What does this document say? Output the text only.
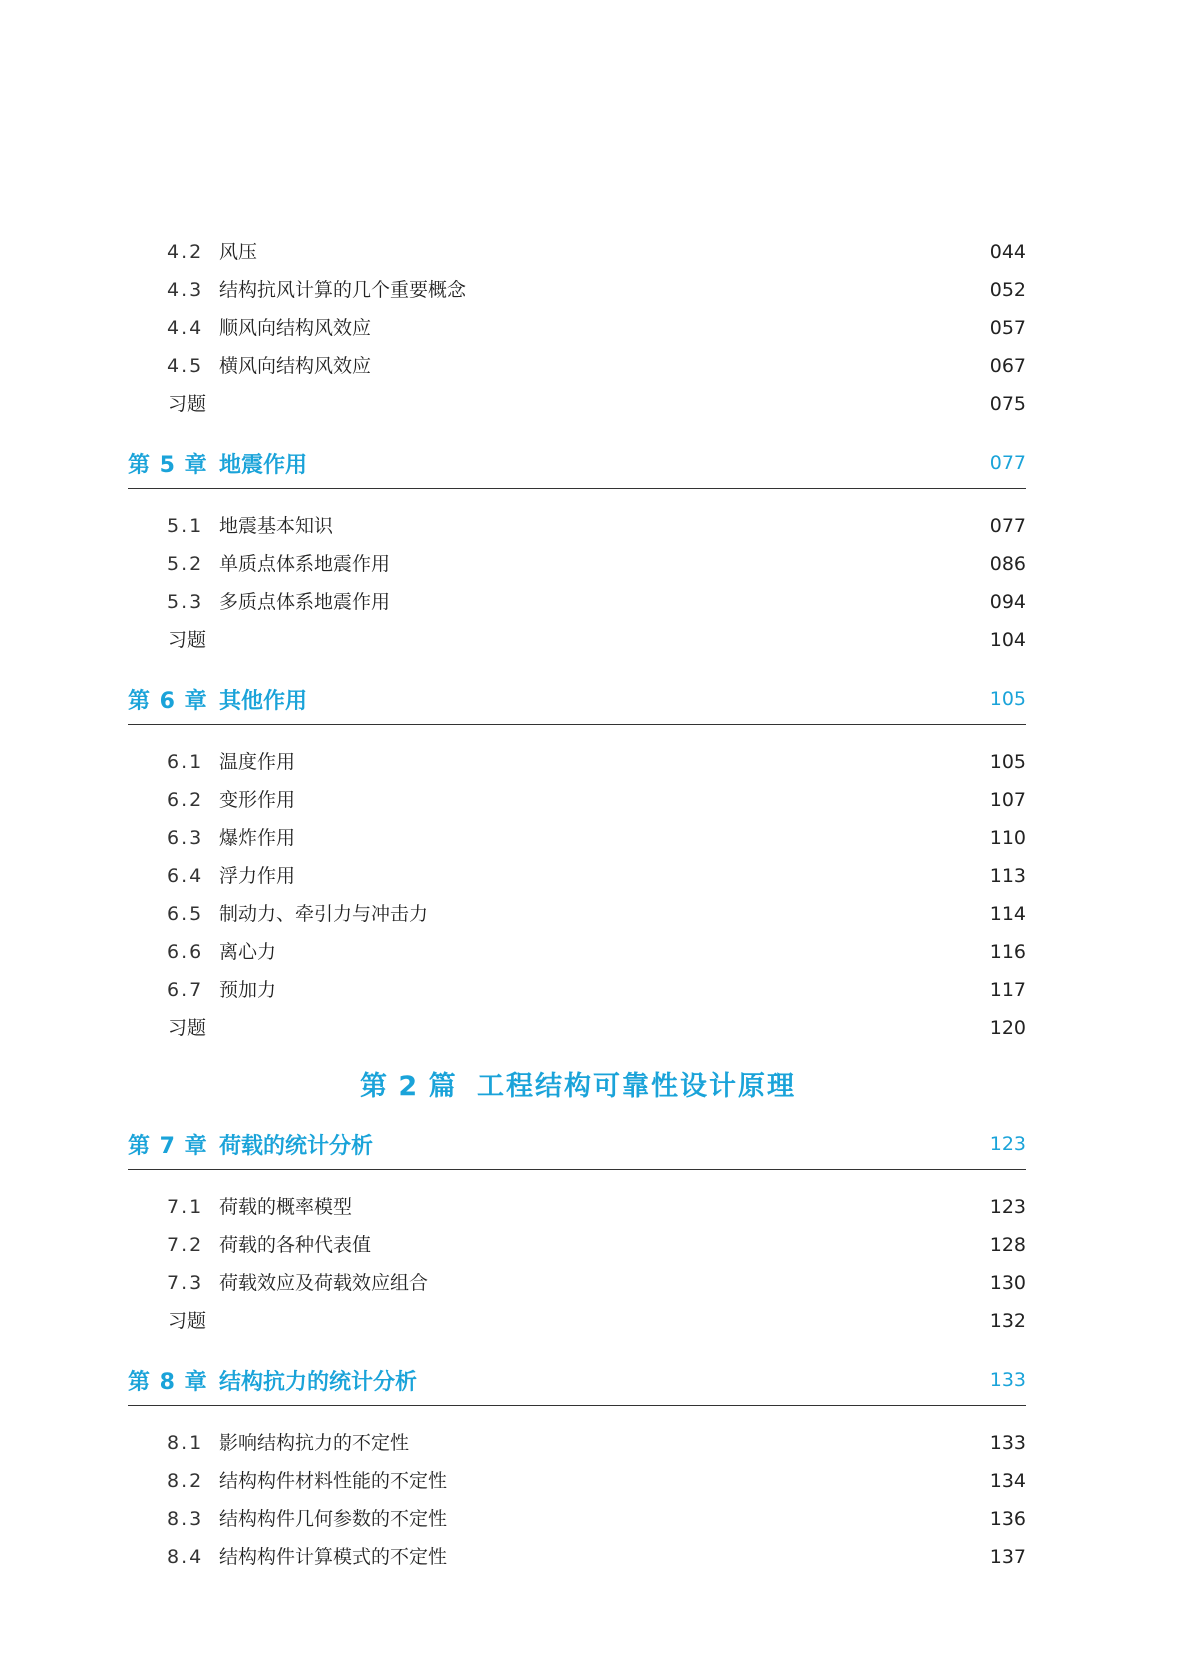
4.2 风压	044
4.3 结构抗风计算的几个重要概念	052
4.4 顺风向结构风效应	057
4.5 横风向结构风效应	067
习题	075
第 5 章 地震作用	077
5.1 地震基本知识	077
5.2 单质点体系地震作用	086
5.3 多质点体系地震作用	094
习题	104
第 6 章 其他作用	105
6.1 温度作用	105
6.2 变形作用	107
6.3 爆炸作用	110
6.4 浮力作用	113
6.5 制动力、牵引力与冲击力	114
6.6 离心力	116
6.7 预加力	117
习题	120
第 2 篇 工程结构可靠性设计原理
第 7 章 荷载的统计分析	123
7.1 荷载的概率模型	123
7.2 荷载的各种代表值	128
7.3 荷载效应及荷载效应组合	130
习题	132
第 8 章 结构抗力的统计分析	133
8.1 影响结构抗力的不定性	133
8.2 结构构件材料性能的不定性	134
8.3 结构构件几何参数的不定性	136
8.4 结构构件计算模式的不定性	137
